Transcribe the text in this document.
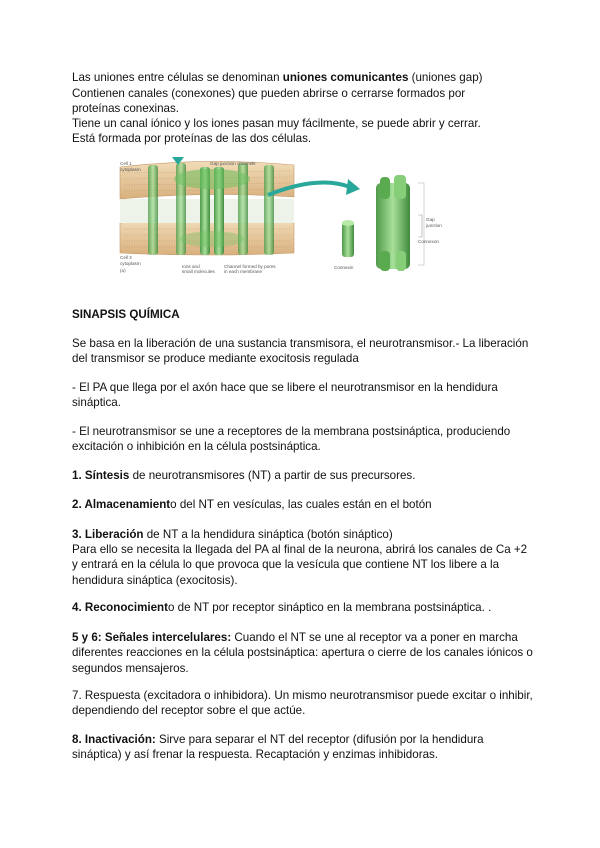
Las uniones entre células se denominan uniones comunicantes (uniones gap)

Contienen canales (conexones) que pueden abrirse o cerrarse formados por proteínas conexinas.

Tiene un canal iónico y los iones pasan muy fácilmente, se puede abrir y cerrar.

Está formada por proteínas de las dos células.

Cell 1
cytoplasm
Gap junction channels
Cell 2
cytoplasm
(a)
Ions and
small molecules
Channel formed by pores
in each membrane
Gap
junction
Connexon
Connexin

SINAPSIS QUÍMICA

Se basa en la liberación de una sustancia transmisora, el neurotransmisor.- La liberación del transmisor se produce mediante exocitosis regulada

- El PA que llega por el axón hace que se libere el neurotransmisor en la hendidura sináptica.

- El neurotransmisor se une a receptores de la membrana postsináptica, produciendo excitación o inhibición en la célula postsináptica.

1. Síntesis de neurotransmisores (NT) a partir de sus precursores.

2. Almacenamiento del NT en vesículas, las cuales están en el botón

3. Liberación de NT a la hendidura sináptica (botón sináptico)

Para ello se necesita la llegada del PA al final de la neurona, abrirá los canales de Ca +2 y entrará en la célula lo que provoca que la vesícula que contiene NT los libere a la hendidura sináptica (exocitosis).

4. Reconocimiento de NT por receptor sináptico en la membrana postsináptica. .

5 y 6: Señales intercelulares: Cuando el NT se une al receptor va a poner en marcha diferentes reacciones en la célula postsináptica: apertura o cierre de los canales iónicos o segundos mensajeros.

7. Respuesta (excitadora o inhibidora). Un mismo neurotransmisor puede excitar o inhibir, dependiendo del receptor sobre el que actúe.

8. Inactivación: Sirve para separar el NT del receptor (difusión por la hendidura sináptica) y así frenar la respuesta. Recaptación y enzimas inhibidoras.
